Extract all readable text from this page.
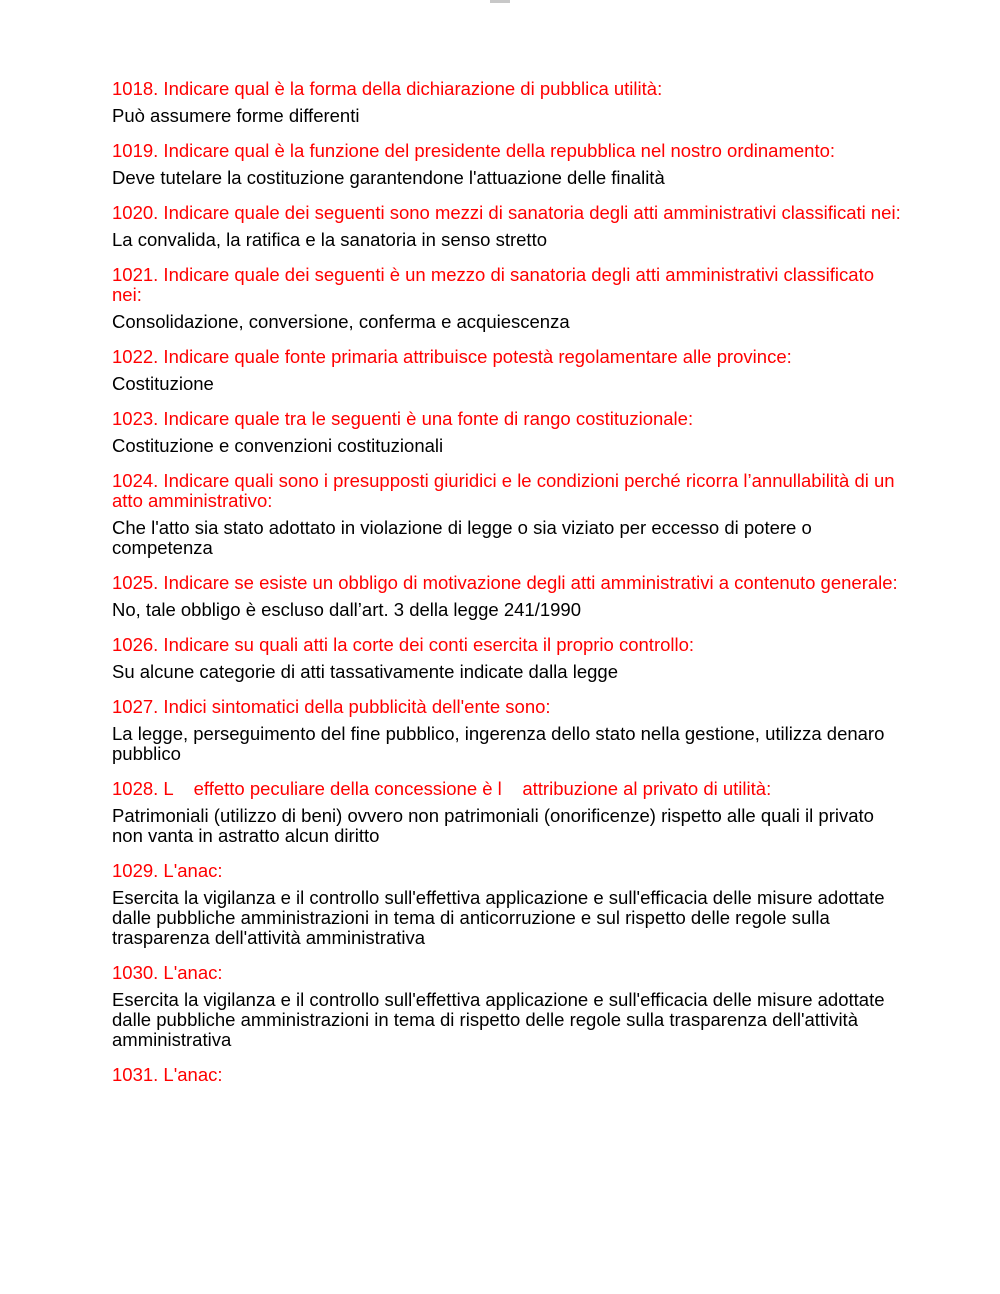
1018. Indicare qual è la forma della dichiarazione di pubblica utilità:

Può assumere forme differenti

1019. Indicare qual è la funzione del presidente della repubblica nel nostro ordinamento:

Deve tutelare la costituzione garantendone l'attuazione delle finalità

1020. Indicare quale dei seguenti sono mezzi di sanatoria degli atti amministrativi classificati nei:

La convalida, la ratifica e la sanatoria in senso stretto

1021. Indicare quale dei seguenti è un mezzo di sanatoria degli atti amministrativi classificato nei:

Consolidazione, conversione, conferma e acquiescenza

1022. Indicare quale fonte primaria attribuisce potestà regolamentare alle province:

Costituzione

1023. Indicare quale tra le seguenti è una fonte di rango costituzionale:

Costituzione e convenzioni costituzionali

1024. Indicare quali sono i presupposti giuridici e le condizioni perché ricorra l’annullabilità di un atto amministrativo:

Che l'atto sia stato adottato in violazione di legge o sia viziato per eccesso di potere o competenza

1025. Indicare se esiste un obbligo di motivazione degli atti amministrativi a contenuto generale:

No, tale obbligo è escluso dall’art. 3 della legge 241/1990

1026. Indicare su quali atti la corte dei conti esercita il proprio controllo:

Su alcune categorie di atti tassativamente indicate dalla legge

1027. Indici sintomatici della pubblicità dell'ente sono:

La legge, perseguimento del fine pubblico, ingerenza dello stato nella gestione, utilizza denaro pubblico

1028. L    effetto peculiare della concessione è l    attribuzione al privato di utilità:

Patrimoniali (utilizzo di beni) ovvero non patrimoniali (onorificenze) rispetto alle quali il privato non vanta in astratto alcun diritto

1029. L'anac:

Esercita la vigilanza e il controllo sull'effettiva applicazione e sull'efficacia delle misure adottate dalle pubbliche amministrazioni in tema di anticorruzione e sul rispetto delle regole sulla trasparenza dell'attività amministrativa

1030. L'anac:

Esercita la vigilanza e il controllo sull'effettiva applicazione e sull'efficacia delle misure adottate dalle pubbliche amministrazioni in tema di rispetto delle regole sulla trasparenza dell'attività amministrativa

1031. L'anac:
